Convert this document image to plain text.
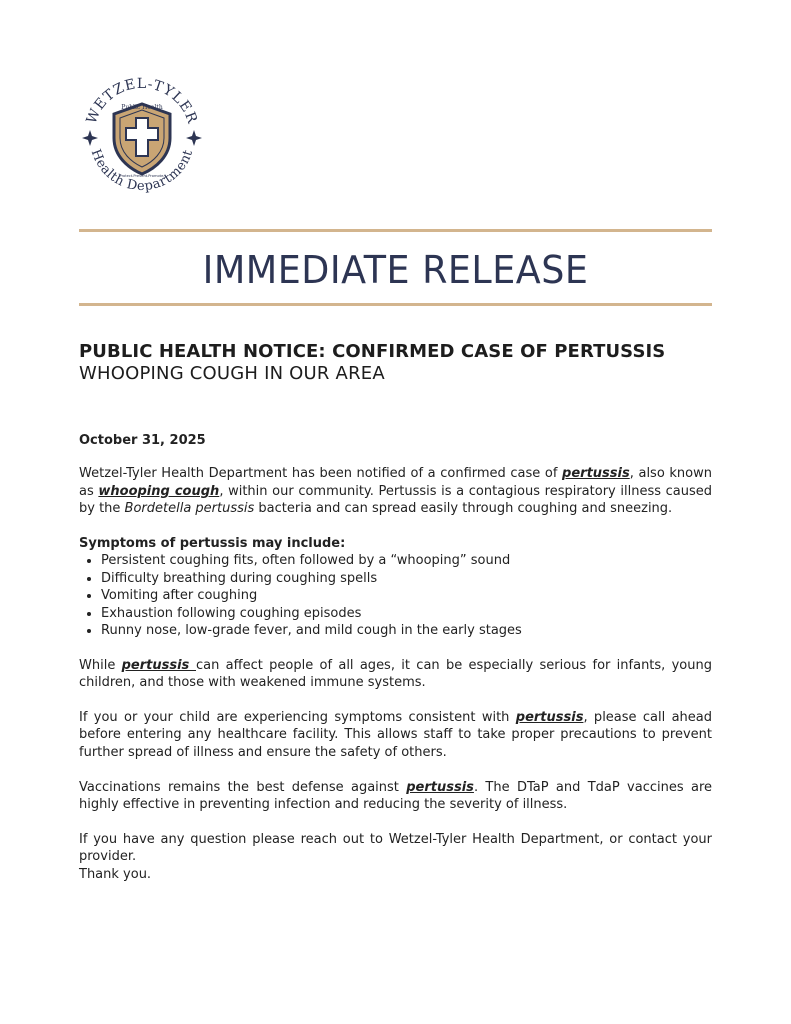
WETZEL-TYLER
Health Department
Public Health
Protect.Prevent.Promote.
IMMEDIATE RELEASE
PUBLIC HEALTH NOTICE: CONFIRMED CASE OF PERTUSSIS
WHOOPING COUGH IN OUR AREA
October 31, 2025

Wetzel-Tyler Health Department has been notified of a confirmed case of pertussis, also known as whooping cough, within our community. Pertussis is a contagious respiratory illness caused by the Bordetella pertussis bacteria and can spread easily through coughing and sneezing.

Symptoms of pertussis may include:
• Persistent coughing fits, often followed by a “whooping” sound
• Difficulty breathing during coughing spells
• Vomiting after coughing
• Exhaustion following coughing episodes
• Runny nose, low-grade fever, and mild cough in the early stages

While pertussis can affect people of all ages, it can be especially serious for infants, young children, and those with weakened immune systems.

If you or your child are experiencing symptoms consistent with pertussis, please call ahead before entering any healthcare facility. This allows staff to take proper precautions to prevent further spread of illness and ensure the safety of others.

Vaccinations remains the best defense against pertussis. The DTaP and TdaP vaccines are highly effective in preventing infection and reducing the severity of illness.

If you have any question please reach out to Wetzel-Tyler Health Department, or contact your provider.

Thank you.
